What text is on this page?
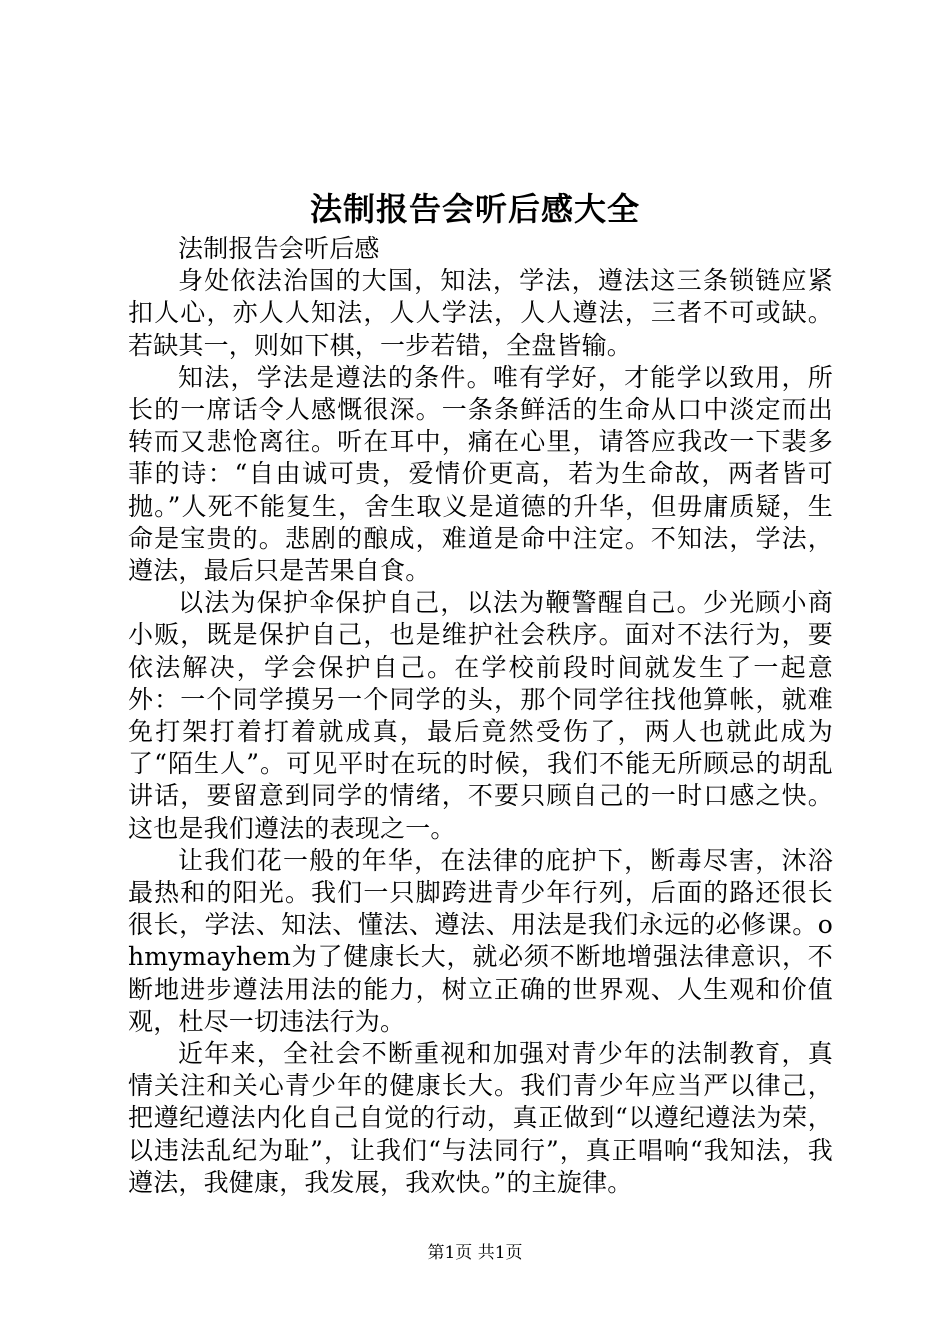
法制报告会听后感大全

法制报告会听后感

身处依法治国的大国，知法，学法，遵法这三条锁链应紧扣人心，亦人人知法，人人学法，人人遵法，三者不可或缺。若缺其一，则如下棋，一步若错，全盘皆输。

知法，学法是遵法的条件。唯有学好，才能学以致用，所长的一席话令人感慨很深。一条条鲜活的生命从口中淡定而出转而又悲怆离往。听在耳中，痛在心里，请答应我改一下裴多菲的诗：“自由诚可贵，爱情价更高，若为生命故，两者皆可抛。”人死不能复生，舍生取义是道德的升华，但毋庸质疑，生命是宝贵的。悲剧的酿成，难道是命中注定。不知法，学法，遵法，最后只是苦果自食。

以法为保护伞保护自己，以法为鞭警醒自己。少光顾小商小贩，既是保护自己，也是维护社会秩序。面对不法行为，要依法解决，学会保护自己。在学校前段时间就发生了一起意外：一个同学摸另一个同学的头，那个同学往找他算帐，就难免打架打着打着就成真，最后竟然受伤了，两人也就此成为了“陌生人”。可见平时在玩的时候，我们不能无所顾忌的胡乱讲话，要留意到同学的情绪，不要只顾自己的一时口感之快。这也是我们遵法的表现之一。

让我们花一般的年华，在法律的庇护下，断毒尽害，沐浴最热和的阳光。我们一只脚跨进青少年行列，后面的路还很长很长，学法、知法、懂法、遵法、用法是我们永远的必修课。ohmymayhem为了健康长大，就必须不断地增强法律意识，不断地进步遵法用法的能力，树立正确的世界观、人生观和价值观，杜尽一切违法行为。

近年来，全社会不断重视和加强对青少年的法制教育，真情关注和关心青少年的健康长大。我们青少年应当严以律己，把遵纪遵法内化自己自觉的行动，真正做到“以遵纪遵法为荣，以违法乱纪为耻”，让我们“与法同行”，真正唱响“我知法，我遵法，我健康，我发展，我欢快。”的主旋律。

第1页 共1页
